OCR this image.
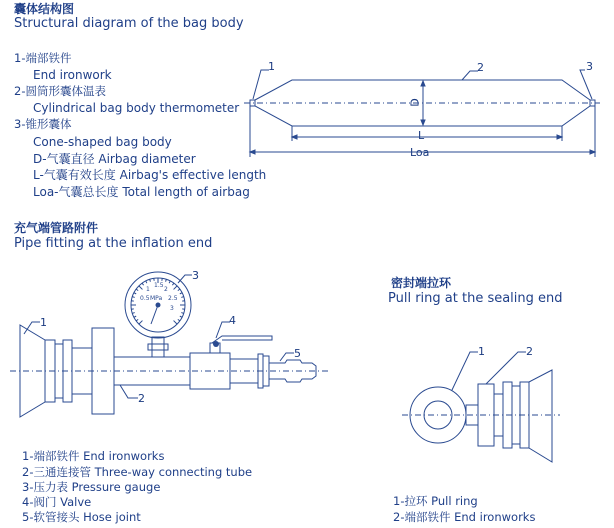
囊体结构图
Structural diagram of the bag body
1-端部铁件
End ironwork
2-圆筒形囊体温表
Cylindrical bag body thermometer
3-锥形囊体
Cone-shaped bag body
D-气囊直径 Airbag diameter
L-气囊有效长度 Airbag's effective length
Loa-气囊总长度 Total length of airbag
1	2	3
D
L
Loa
充气端管路附件
Pipe fitting at the inflation end
1
2
3
4
5
1-端部铁件 End ironworks
2-三通连接管 Three-way connecting tube
3-压力表 Pressure gauge
4-阀门 Valve
5-软管接头 Hose joint
密封端拉环
Pull ring at the sealing end
1	2
1-拉环 Pull ring
2-端部铁件 End ironworks
0.5
1
1.5
2
2.5
3
MPa
